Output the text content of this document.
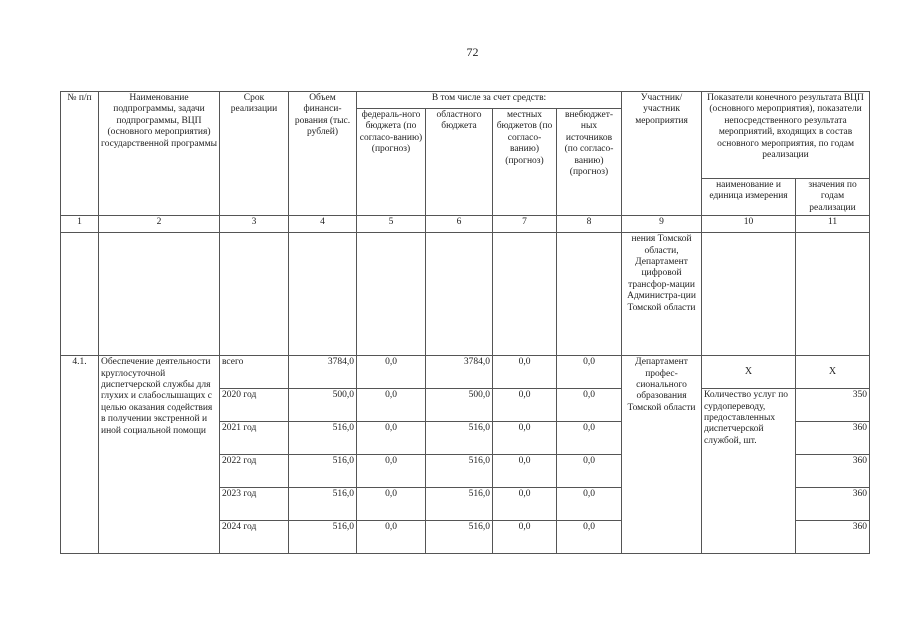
72
№ п/п	Наименование подпрограммы, задачи подпрограммы, ВЦП (основного мероприятия) государственной программы	Срок реализации	Объем финанси-рования (тыс. рублей)	В том числе за счет средств:				Участник/ участник мероприятия	Показатели конечного результата ВЦП (основного мероприятия), показатели непосредственного результата мероприятий, входящих в состав основного мероприятия, по годам реализации	
				федераль-ного бюджета (по согласо-ванию) (прогноз)	областного бюджета	местных бюджетов (по согласо-ванию) (прогноз)	внебюджет-ных источников (по согласо-ванию) (прогноз)			
									наименование и единица измерения	значения по годам реализации
1	2	3	4	5	6	7	8	9	10	11
								нения Томской области, Департамент цифровой трансфор-мации Администра-ции Томской области		
4.1.	Обеспечение деятельности круглосуточной диспетчерской службы для глухих и слабослышащих с целью оказания содействия в получении экстренной и иной социальной помощи	всего	3784,0	0,0	3784,0	0,0	0,0	Департамент профес-сионального образования Томской области	X	X
		2020 год	500,0	0,0	500,0	0,0	0,0		Количество услуг по сурдопереводу, предоставленных диспетчерской службой, шт.	350
		2021 год	516,0	0,0	516,0	0,0	0,0			360
		2022 год	516,0	0,0	516,0	0,0	0,0			360
		2023 год	516,0	0,0	516,0	0,0	0,0			360
		2024 год	516,0	0,0	516,0	0,0	0,0			360
